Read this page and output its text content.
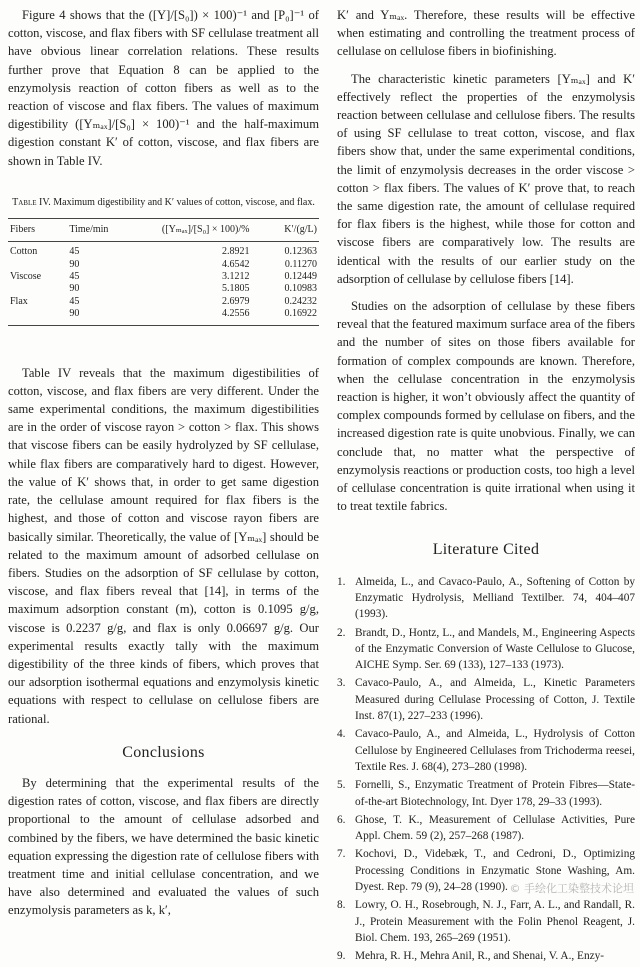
Figure 4 shows that the ([Y]/[S₀]) × 100)⁻¹ and [P₀]⁻¹ of cotton, viscose, and flax fibers with SF cellulase treatment all have obvious linear correlation relations. These results further prove that Equation 8 can be applied to the enzymolysis reaction of cotton fibers as well as to the reaction of viscose and flax fibers. The values of maximum digestibility ([Yₘₐₓ]/[S₀] × 100)⁻¹ and the half-maximum digestion constant K′ of cotton, viscose, and flax fibers are shown in Table IV.

Table IV. Maximum digestibility and K′ values of cotton, viscose, and flax.
Fibers	Time/min	([Yₘₐₓ]/[S₀] × 100)/%	K′/(g/L)
Cotton	45	2.8921	0.12363
	90	4.6542	0.11270
Viscose	45	3.1212	0.12449
	90	5.1805	0.10983
Flax	45	2.6979	0.24232
	90	4.2556	0.16922

Table IV reveals that the maximum digestibilities of cotton, viscose, and flax fibers are very different. Under the same experimental conditions, the maximum digestibilities are in the order of viscose rayon > cotton > flax. This shows that viscose fibers can be easily hydrolyzed by SF cellulase, while flax fibers are comparatively hard to digest. However, the value of K′ shows that, in order to get same digestion rate, the cellulase amount required for flax fibers is the highest, and those of cotton and viscose rayon fibers are basically similar. Theoretically, the value of [Yₘₐₓ] should be related to the maximum amount of adsorbed cellulase on fibers. Studies on the adsorption of SF cellulase by cotton, viscose, and flax fibers reveal that [14], in terms of the maximum adsorption constant (m), cotton is 0.1095 g/g, viscose is 0.2237 g/g, and flax is only 0.06697 g/g. Our experimental results exactly tally with the maximum digestibility of the three kinds of fibers, which proves that our adsorption isothermal equations and enzymolysis kinetic equations with respect to cellulase on cellulose fibers are rational.

Conclusions

By determining that the experimental results of the digestion rates of cotton, viscose, and flax fibers are directly proportional to the amount of cellulase adsorbed and combined by the fibers, we have determined the basic kinetic equation expressing the digestion rate of cellulose fibers with treatment time and initial cellulase concentration, and we have also determined and evaluated the values of such enzymolysis parameters as k, k′,

K′ and Yₘₐₓ. Therefore, these results will be effective when estimating and controlling the treatment process of cellulase on cellulose fibers in biofinishing.

The characteristic kinetic parameters [Yₘₐₓ] and K′ effectively reflect the properties of the enzymolysis reaction between cellulase and cellulose fibers. The results of using SF cellulase to treat cotton, viscose, and flax fibers show that, under the same experimental conditions, the limit of enzymolysis decreases in the order viscose > cotton > flax fibers. The values of K′ prove that, to reach the same digestion rate, the amount of cellulase required for flax fibers is the highest, while those for cotton and viscose fibers are comparatively low. The results are identical with the results of our earlier study on the adsorption of cellulase by cellulose fibers [14].

Studies on the adsorption of cellulase by these fibers reveal that the featured maximum surface area of the fibers and the number of sites on those fibers available for formation of complex compounds are known. Therefore, when the cellulase concentration in the enzymolysis reaction is higher, it won’t obviously affect the quantity of complex compounds formed by cellulase on fibers, and the increased digestion rate is quite unobvious. Finally, we can conclude that, no matter what the perspective of enzymolysis reactions or production costs, too high a level of cellulase concentration is quite irrational when using it to treat textile fabrics.

Literature Cited
1. Almeida, L., and Cavaco-Paulo, A., Softening of Cotton by Enzymatic Hydrolysis, Melliand Textilber. 74, 404–407 (1993).
2. Brandt, D., Hontz, L., and Mandels, M., Engineering Aspects of the Enzymatic Conversion of Waste Cellulose to Glucose, AICHE Symp. Ser. 69 (133), 127–133 (1973).
3. Cavaco-Paulo, A., and Almeida, L., Kinetic Parameters Measured during Cellulase Processing of Cotton, J. Textile Inst. 87(1), 227–233 (1996).
4. Cavaco-Paulo, A., and Almeida, L., Hydrolysis of Cotton Cellulose by Engineered Cellulases from Trichoderma reesei, Textile Res. J. 68(4), 273–280 (1998).
5. Fornelli, S., Enzymatic Treatment of Protein Fibres—State-of-the-art Biotechnology, Int. Dyer 178, 29–33 (1993).
6. Ghose, T. K., Measurement of Cellulase Activities, Pure Appl. Chem. 59 (2), 257–268 (1987).
7. Kochovi, D., Videbæk, T., and Cedroni, D., Optimizing Processing Conditions in Enzymatic Stone Washing, Am. Dyest. Rep. 79 (9), 24–28 (1990).
8. Lowry, O. H., Rosebrough, N. J., Farr, A. L., and Randall, R. J., Protein Measurement with the Folin Phenol Reagent, J. Biol. Chem. 193, 265–269 (1951).
9. Mehra, R. H., Mehra Anil, R., and Shenai, V. A., Enzy-
© 手绘化工染整技术论坦
